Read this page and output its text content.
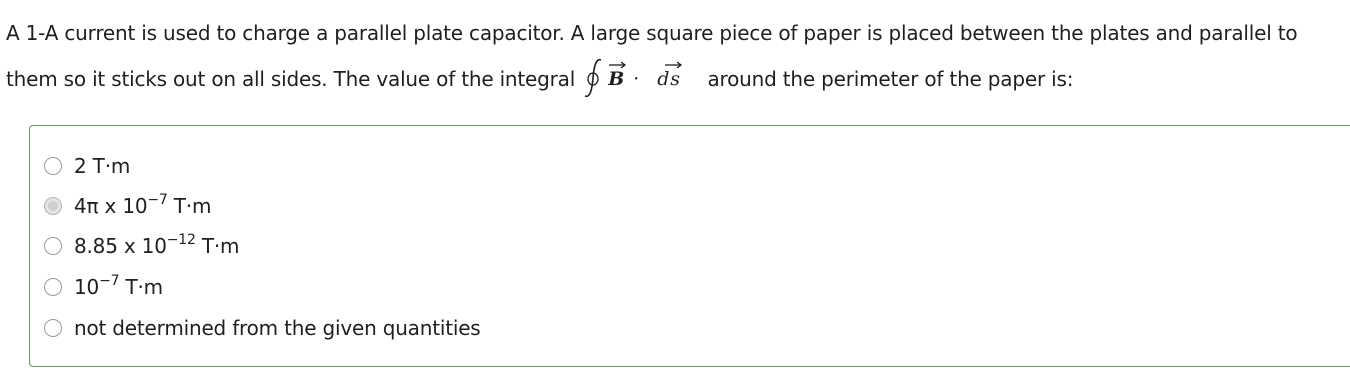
A 1-A current is used to charge a parallel plate capacitor. A large square piece of paper is placed between the plates and parallel to
them so it sticks out on all sides. The value of the integral B · d s around the perimeter of the paper is:
2 T·m
4π x $10^{-7}$ T·m
8.85 x $10^{-12}$ T·m
$10^{-7}$ T·m
not determined from the given quantities
